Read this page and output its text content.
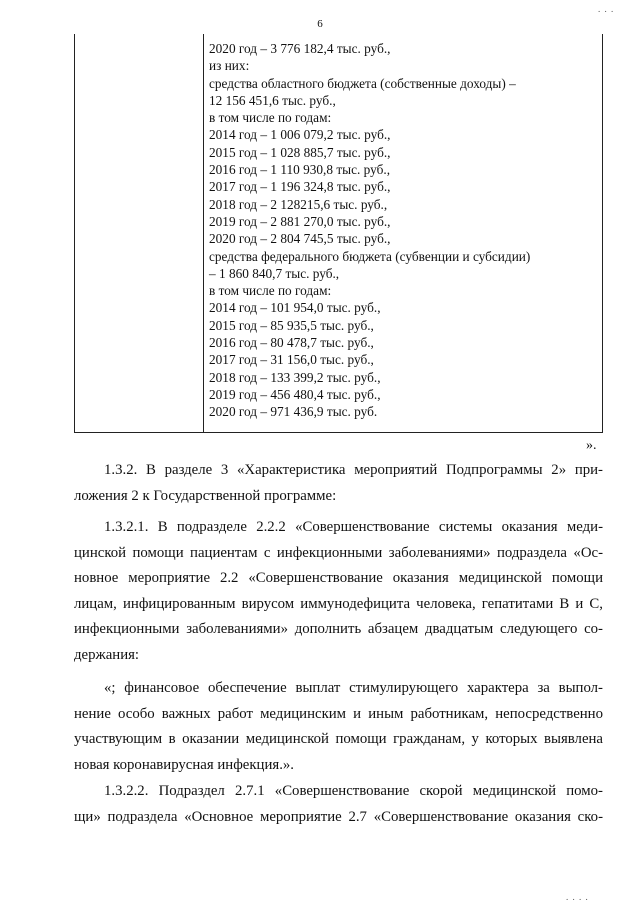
6
2020 год – 3 776 182,4 тыс. руб.,
из них:
средства областного бюджета (собственные доходы) –
12 156 451,6 тыс. руб.,
в том числе по годам:
2014 год – 1 006 079,2 тыс. руб.,
2015 год – 1 028 885,7 тыс. руб.,
2016 год – 1 110 930,8 тыс. руб.,
2017 год – 1 196 324,8 тыс. руб.,
2018 год – 2 128215,6 тыс. руб.,
2019 год – 2 881 270,0 тыс. руб.,
2020 год – 2 804 745,5 тыс. руб.,
средства федерального бюджета (субвенции и субсидии)
– 1 860 840,7 тыс. руб.,
в том числе по годам:
2014 год – 101 954,0 тыс. руб.,
2015 год – 85 935,5 тыс. руб.,
2016 год – 80 478,7 тыс. руб.,
2017 год – 31 156,0 тыс. руб.,
2018 год – 133 399,2 тыс. руб.,
2019 год – 456 480,4 тыс. руб.,
2020 год – 971 436,9 тыс. руб.
».

1.3.2. В разделе 3 «Характеристика мероприятий Подпрограммы 2» при-
ложения 2 к Государственной программе:

1.3.2.1. В подразделе 2.2.2 «Совершенствование системы оказания меди-
цинской помощи пациентам с инфекционными заболеваниями» подраздела «Ос-
новное мероприятие 2.2 «Совершенствование оказания медицинской помощи
лицам, инфицированным вирусом иммунодефицита человека, гепатитами B и C,
инфекционными заболеваниями» дополнить абзацем двадцатым следующего со-
держания:

«; финансовое обеспечение выплат стимулирующего характера за выпол-
нение особо важных работ медицинским и иным работникам, непосредственно
участвующим в оказании медицинской помощи гражданам, у которых выявлена
новая коронавирусная инфекция.».

1.3.2.2. Подраздел 2.7.1 «Совершенствование скорой медицинской помо-
щи» подраздела «Основное мероприятие 2.7 «Совершенствование оказания ско-

. . .
. . . .
